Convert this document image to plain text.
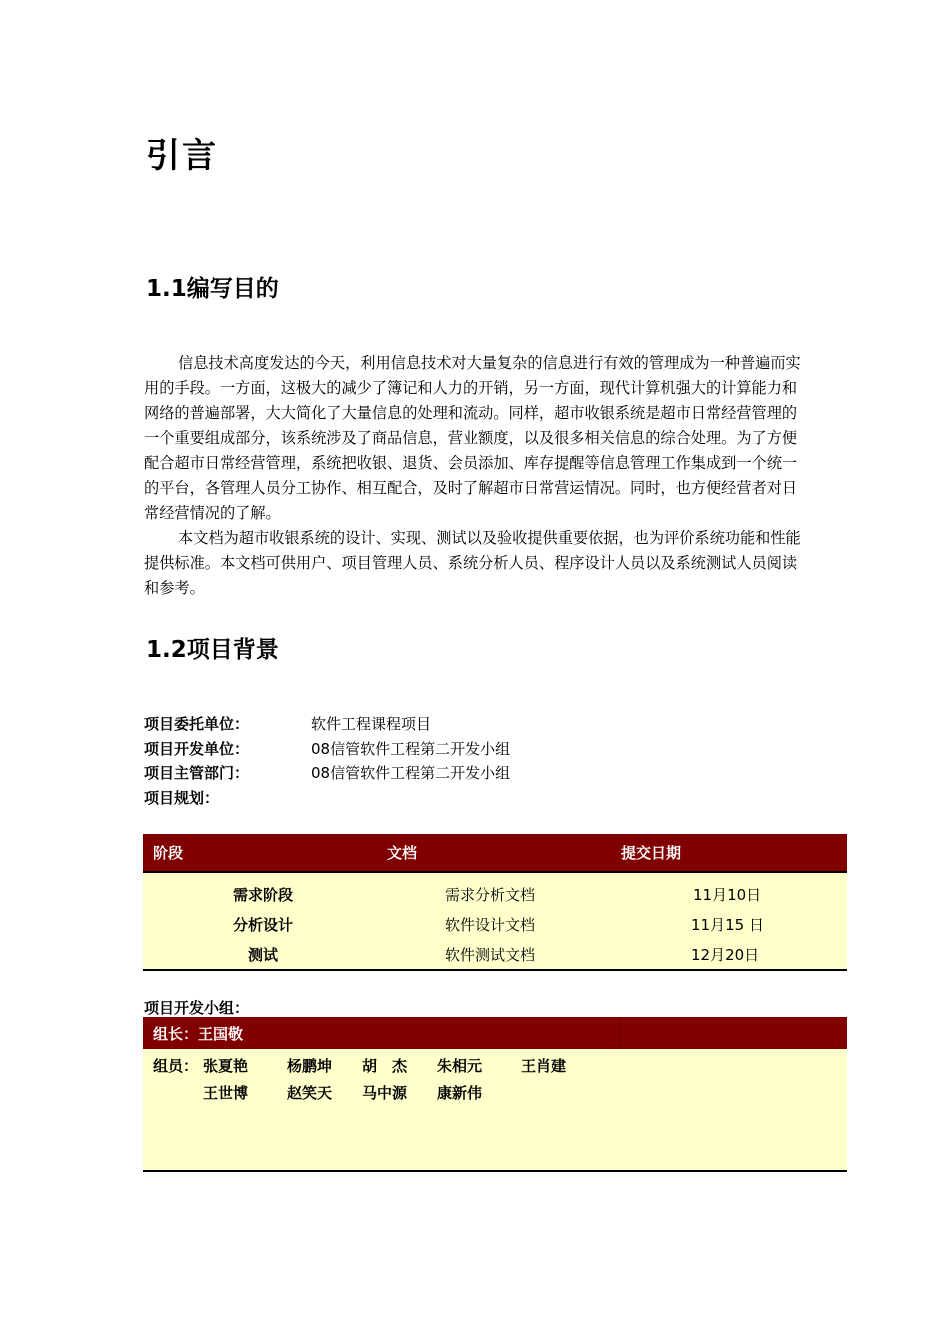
引言
1.1编写目的

信息技术高度发达的今天，利用信息技术对大量复杂的信息进行有效的管理成为一种普遍而实用的手段。一方面，这极大的减少了簿记和人力的开销，另一方面，现代计算机强大的计算能力和网络的普遍部署，大大简化了大量信息的处理和流动。同样，超市收银系统是超市日常经营管理的一个重要组成部分，该系统涉及了商品信息，营业额度，以及很多相关信息的综合处理。为了方便配合超市日常经营管理，系统把收银、退货、会员添加、库存提醒等信息管理工作集成到一个统一的平台，各管理人员分工协作、相互配合，及时了解超市日常营运情况。同时，也方便经营者对日常经营情况的了解。

本文档为超市收银系统的设计、实现、测试以及验收提供重要依据，也为评价系统功能和性能提供标准。本文档可供用户、项目管理人员、系统分析人员、程序设计人员以及系统测试人员阅读和参考。

1.2项目背景
项目委托单位：	软件工程课程项目
项目开发单位：	08信管软件工程第二开发小组
项目主管部门：	08信管软件工程第二开发小组
项目规划：
阶段	文档	提交日期
需求阶段	需求分析文档	11月10日
分析设计	软件设计文档	11月15 日
测试	软件测试文档	12月20日
项目开发小组：
组长：王国敬
组员： 张夏艳	杨鹏坤 胡　杰 朱相元	王肖建
王世博	赵笑天 马中源 康新伟
